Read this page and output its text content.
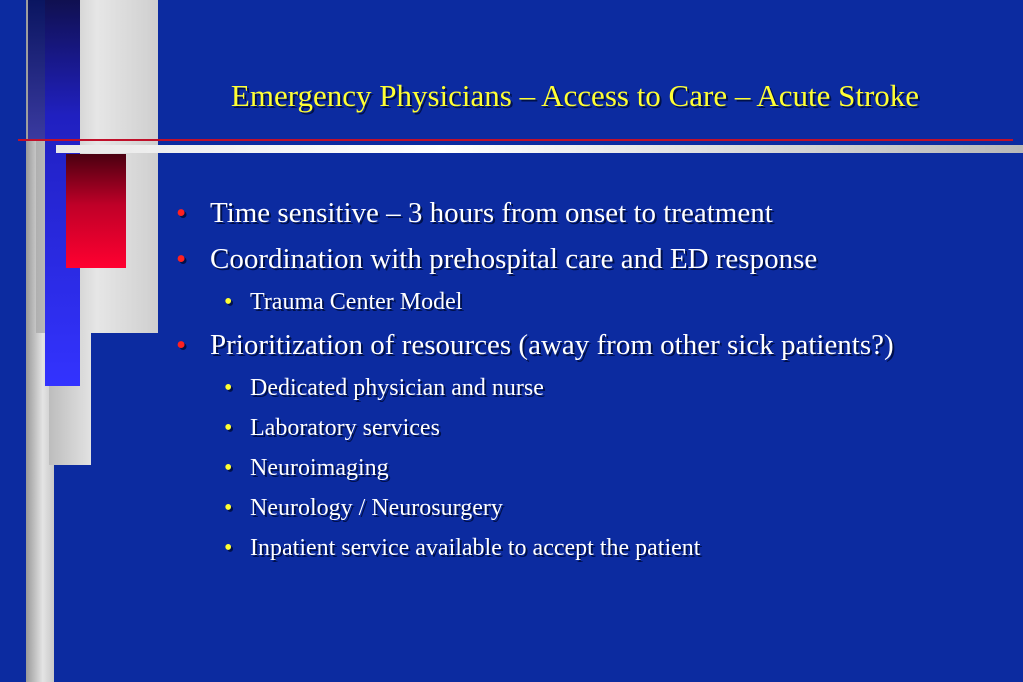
Emergency Physicians – Access to Care – Acute Stroke
• Time sensitive – 3 hours from onset to treatment
• Coordination with prehospital care and ED response
• Trauma Center Model
• Prioritization of resources (away from other sick patients?)
• Dedicated physician and nurse
• Laboratory services
• Neuroimaging
• Neurology / Neurosurgery
• Inpatient service available to accept the patient
